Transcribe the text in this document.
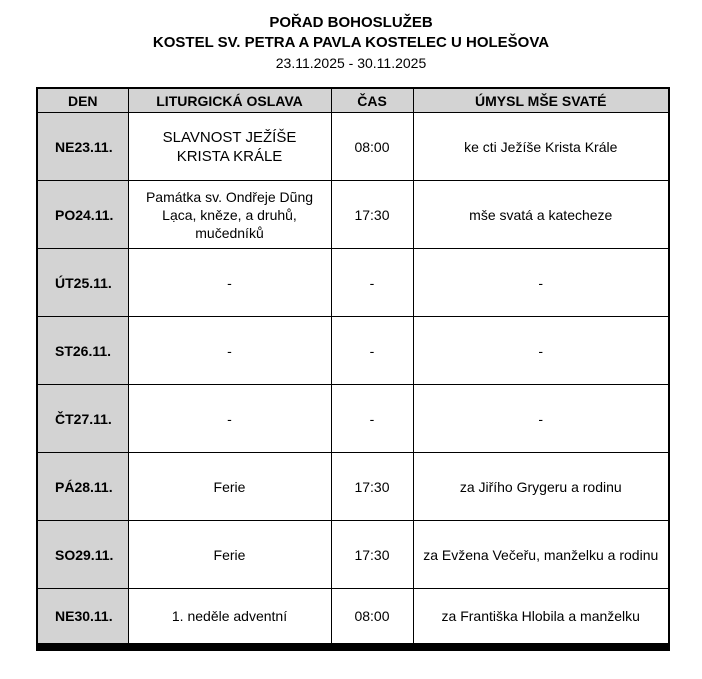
POŘAD BOHOSLUŽEB
KOSTEL SV. PETRA A PAVLA KOSTELEC U HOLEŠOVA
23.11.2025 - 30.11.2025
DEN	LITURGICKÁ OSLAVA	ČAS	ÚMYSL MŠE SVATÉ

NE 23.11.	SLAVNOST JEŽÍŠE KRISTA KRÁLE	08:00	ke cti Ježíše Krista Krále

PO 24.11.	Památka sv. Ondřeje Dũng Lạca, kněze, a druhů, mučedníků	17:30	mše svatá a katecheze

ÚT 25.11.	-	-	-

ST 26.11.	-	-	-

ČT 27.11.	-	-	-

PÁ 28.11.	Ferie	17:30	za Jiřího Grygeru a rodinu

SO 29.11.	Ferie	17:30	za Evžena Večeřu, manželku a rodinu

NE 30.11.	1. neděle adventní	08:00	za Františka Hlobila a manželku
